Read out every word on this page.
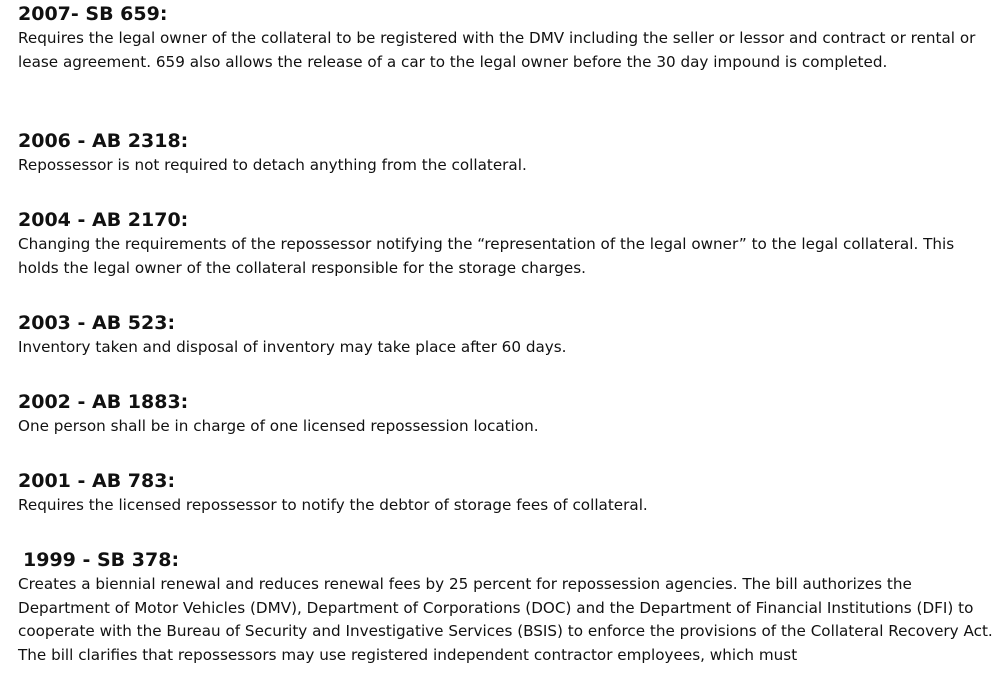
2007- SB 659:

Requires the legal owner of the collateral to be registered with the DMV including the seller or lessor and contract or rental or lease agreement. 659 also allows the release of a car to the legal owner before the 30 day impound is completed.

2006 - AB 2318:

Repossessor is not required to detach anything from the collateral.

2004 - AB 2170:

Changing the requirements of the repossessor notifying the “representation of the legal owner” to the legal collateral. This holds the legal owner of the collateral responsible for the storage charges.

2003 - AB 523:

Inventory taken and disposal of inventory may take place after 60 days.

2002 - AB 1883:

One person shall be in charge of one licensed repossession location.

2001 - AB 783:

Requires the licensed repossessor to notify the debtor of storage fees of collateral.

1999 - SB 378:

Creates a biennial renewal and reduces renewal fees by 25 percent for repossession agencies. The bill authorizes the Department of Motor Vehicles (DMV), Department of Corporations (DOC) and the Department of Financial Institutions (DFI) to cooperate with the Bureau of Security and Investigative Services (BSIS) to enforce the provisions of the Collateral Recovery Act. The bill clarifies that repossessors may use registered independent contractor employees, which must
